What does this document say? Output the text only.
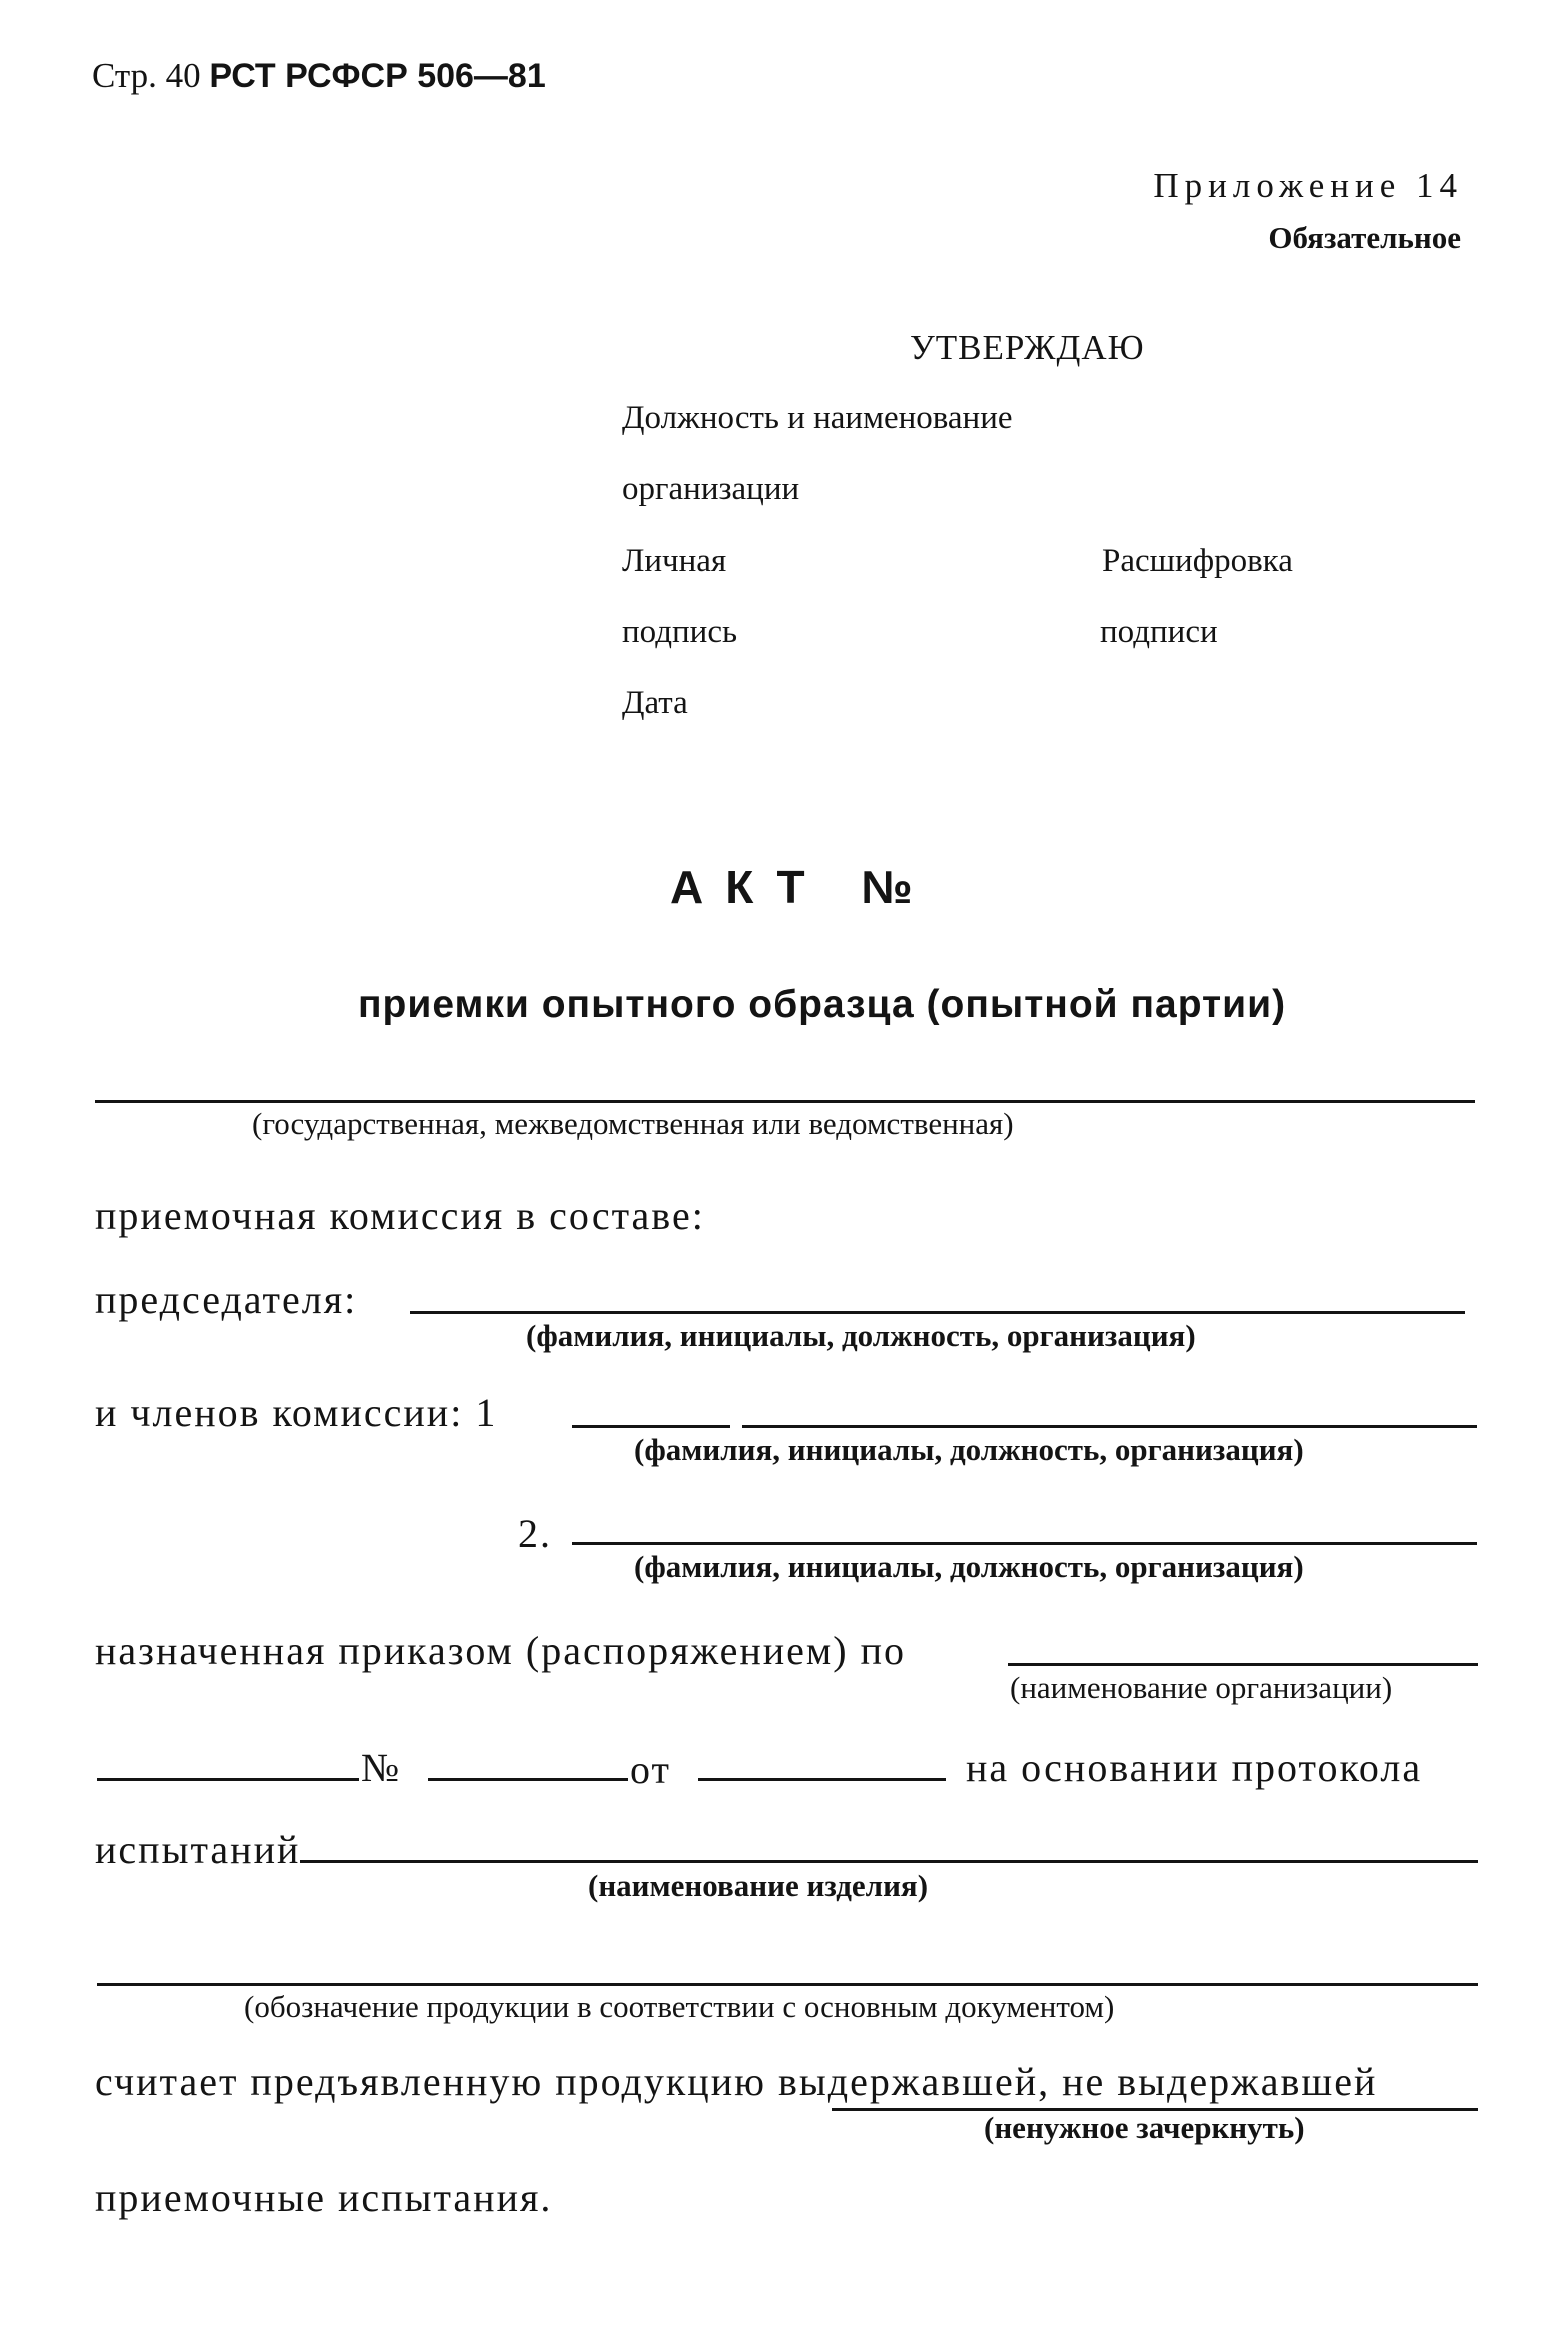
Стр. 40 РСТ РСФСР 506—81
Приложение 14
Обязательное
УТВЕРЖДАЮ
Должность и наименование
организации
Личная	Расшифровка
подпись	подписи
Дата
АКТ №
приемки опытного образца (опытной партии)
(государственная, межведомственная или ведомственная)
приемочная комиссия в составе:
председателя:
(фамилия, инициалы, должность, организация)
и членов комиссии: 1
(фамилия, инициалы, должность, организация)
2.
(фамилия, инициалы, должность, организация)
назначенная приказом (распоряжением) по
(наименование организации)
№	от	на основании протокола
испытаний
(наименование изделия)
(обозначение продукции в соответствии с основным документом)
считает предъявленную продукцию выдержавшей, не выдержавшей
(ненужное зачеркнуть)
приемочные испытания.
